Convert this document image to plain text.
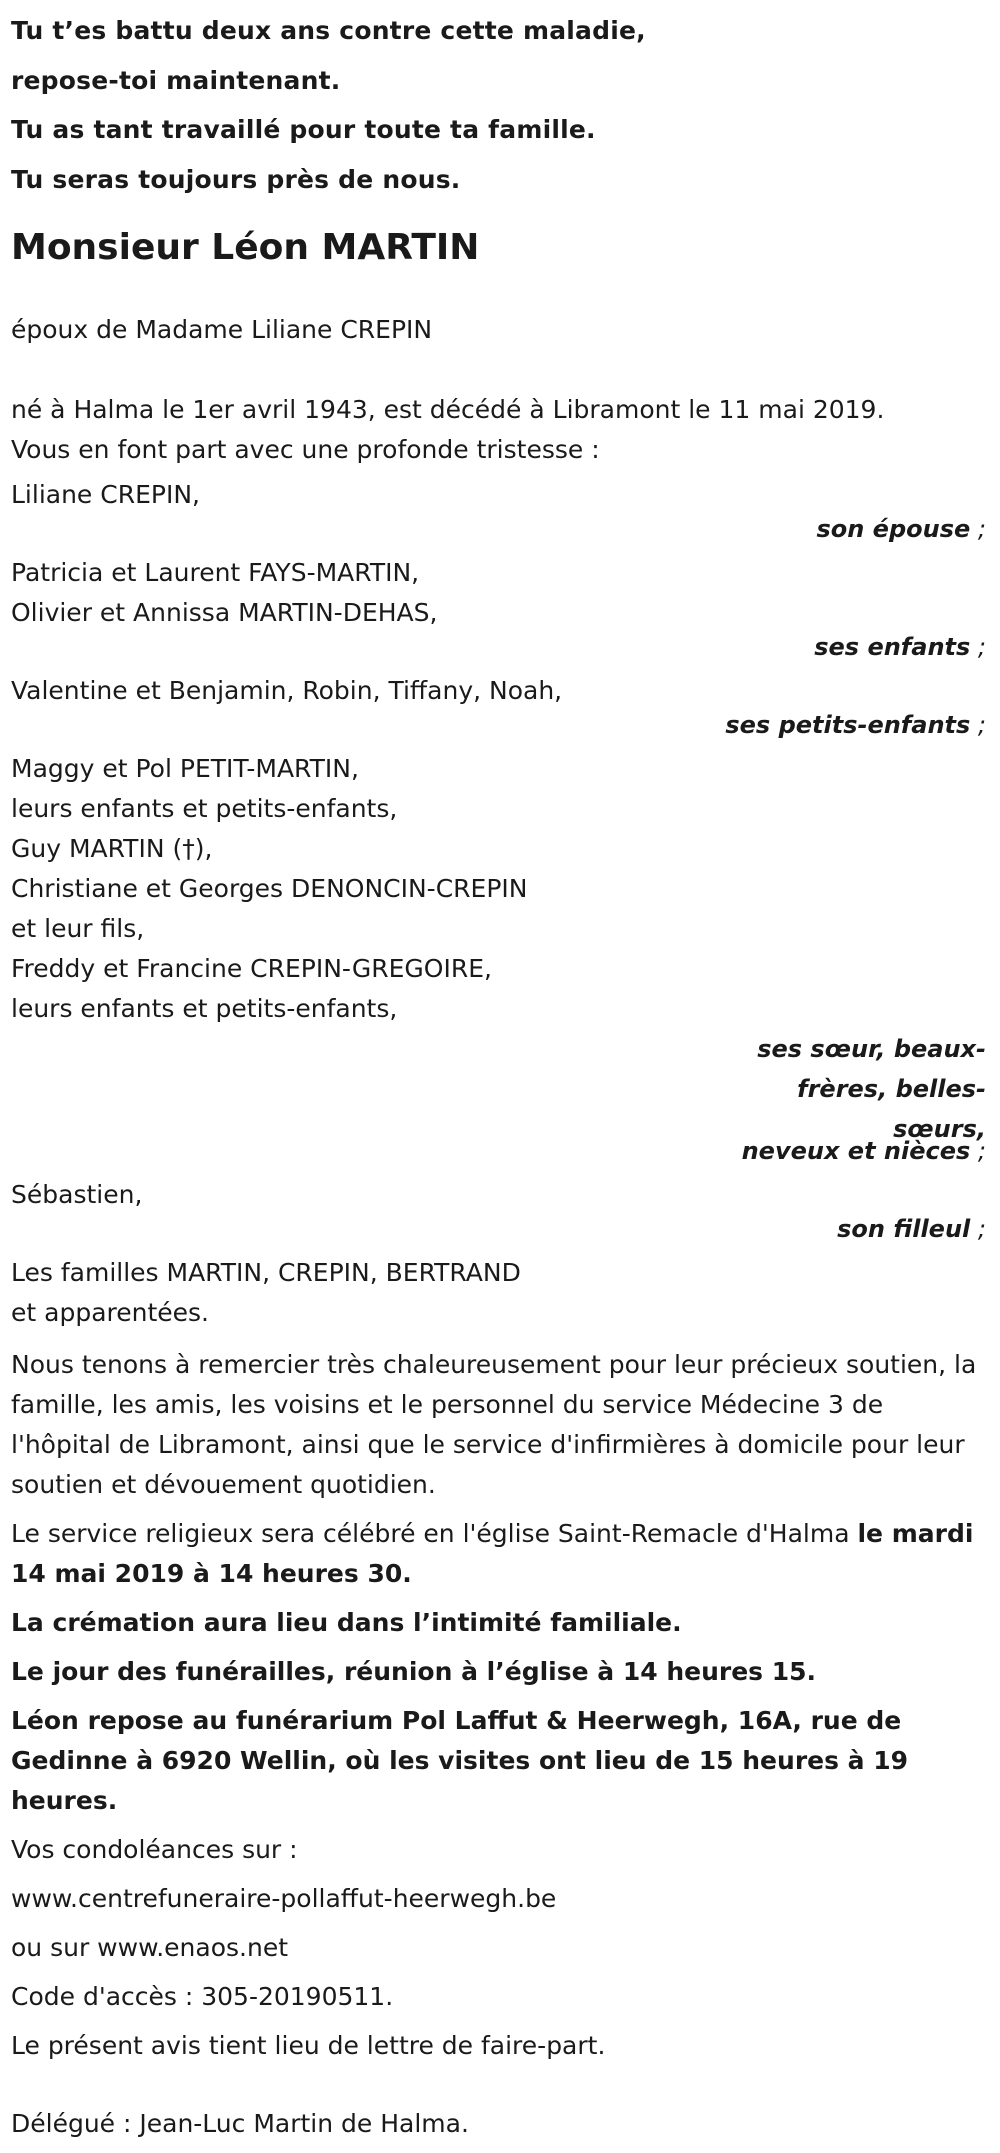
Tu t’es battu deux ans contre cette maladie,

repose-toi maintenant.

Tu as tant travaillé pour toute ta famille.

Tu seras toujours près de nous.

Monsieur Léon MARTIN

époux de Madame Liliane CREPIN

né à Halma le 1er avril 1943, est décédé à Libramont le 11 mai 2019.

Vous en font part avec une profonde tristesse :

Liliane CREPIN,

son épouse ;

Patricia et Laurent FAYS-MARTIN,

Olivier et Annissa MARTIN-DEHAS,

ses enfants ;

Valentine et Benjamin, Robin, Tiffany, Noah,

ses petits-enfants ;

Maggy et Pol PETIT-MARTIN,

leurs enfants et petits-enfants,

Guy MARTIN (†),

Christiane et Georges DENONCIN-CREPIN

et leur fils,

Freddy et Francine CREPIN-GREGOIRE,

leurs enfants et petits-enfants,

ses sœur, beaux-
frères, belles-
sœurs,
neveux et nièces ;

Sébastien,

son filleul ;

Les familles MARTIN, CREPIN, BERTRAND

et apparentées.

Nous tenons à remercier très chaleureusement pour leur précieux soutien, la famille, les amis, les voisins et le personnel du service Médecine 3 de l'hôpital de Libramont, ainsi que le service d'infirmières à domicile pour leur soutien et dévouement quotidien.

Le service religieux sera célébré en l'église Saint-Remacle d'Halma le mardi 14 mai 2019 à 14 heures 30.

La crémation aura lieu dans l’intimité familiale.

Le jour des funérailles, réunion à l’église à 14 heures 15.

Léon repose au funérarium Pol Laffut & Heerwegh, 16A, rue de Gedinne à 6920 Wellin, où les visites ont lieu de 15 heures à 19 heures.

Vos condoléances sur :

www.centrefuneraire-pollaffut-heerwegh.be

ou sur www.enaos.net

Code d'accès : 305-20190511.

Le présent avis tient lieu de lettre de faire-part.

Délégué : Jean-Luc Martin de Halma.
